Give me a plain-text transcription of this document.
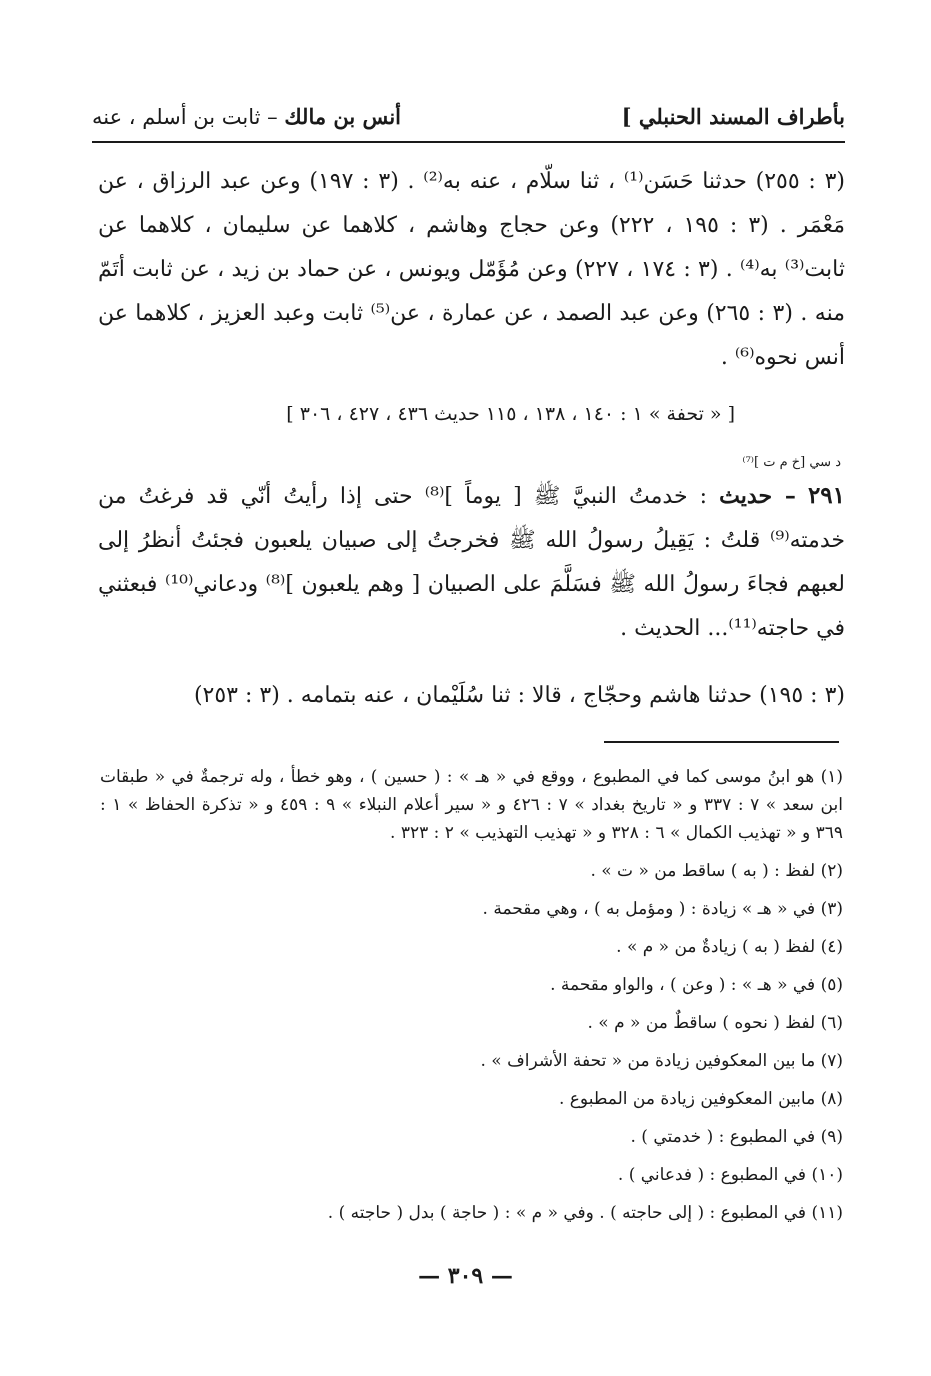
بأطراف المسند الحنبلي ]
أنس بن مالك – ثابت بن أسلم ، عنه
(٣ : ٢٥٥) حدثنا حَسَن⁽¹⁾ ، ثنا سلّام ، عنه به⁽²⁾ . (٣ : ١٩٧) وعن عبد الرزاق ، عن مَعْمَر . (٣ : ١٩٥ ، ٢٢٢) وعن حجاج وهاشم ، كلاهما عن سليمان ، كلاهما عن ثابت⁽³⁾ به⁽⁴⁾ . (٣ : ١٧٤ ، ٢٢٧) وعن مُؤَمّل ويونس ، عن حماد بن زيد ، عن ثابت أتَمّ منه . (٣ : ٢٦٥) وعن عبد الصمد ، عن عمارة ، عن⁽⁵⁾ ثابت وعبد العزيز ، كلاهما عن أنس نحوه⁽⁶⁾ .
[ « تحفة » ١ : ١٤٠ ، ١٣٨ ، ١١٥ حديث ٤٣٦ ، ٤٢٧ ، ٣٠٦ ]
د سي [خ م ت ]⁽⁷⁾
٢٩١ – حديث : خدمتُ النبيَّ ﷺ [ يوماً ]⁽⁸⁾ حتى إذا رأيتُ أنّي قد فرغتُ من خدمته⁽⁹⁾ قلتُ : يَقِيلُ رسولُ الله ﷺ فخرجتُ إلى صبيان يلعبون فجئتُ أنظرُ إلى لعبهم فجاءَ رسولُ الله ﷺ فسَلَّمَ على الصبيان [ وهم يلعبون ]⁽⁸⁾ ودعاني⁽¹⁰⁾ فبعثني في حاجته⁽¹¹⁾... الحديث .
(٣ : ١٩٥) حدثنا هاشم وحجّاج ، قالا : ثنا سُلَيْمان ، عنه بتمامه . (٣ : ٢٥٣)

(١) هو ابنُ موسى كما في المطبوع ، ووقع في « هـ » : ( حسين ) ، وهو خطأ ، وله ترجمةٌ في « طبقات ابن سعد » ٧ : ٣٣٧ و « تاريخ بغداد » ٧ : ٤٢٦ و « سير أعلام النبلاء » ٩ : ٤٥٩ و « تذكرة الحفاظ » ١ : ٣٦٩ و « تهذيب الكمال » ٦ : ٣٢٨ و « تهذيب التهذيب » ٢ : ٣٢٣ .

(٢) لفظ : ( به ) ساقط من « ت » .

(٣) في « هـ » زيادة : ( ومؤمل به ) ، وهي مقحمة .

(٤) لفظ ( به ) زيادةٌ من « م » .

(٥) في « هـ » : ( وعن ) ، والواو مقحمة .

(٦) لفظ ( نحوه ) ساقطٌ من « م » .

(٧) ما بين المعكوفين زيادة من « تحفة الأشراف » .

(٨) مابين المعكوفين زيادة من المطبوع .

(٩) في المطبوع : ( خدمتي ) .

(١٠) في المطبوع : ( فدعاني ) .

(١١) في المطبوع : ( إلى حاجته ) . وفي « م » : ( حاجة ) بدل ( حاجته ) .

— ٣٠٩ —
